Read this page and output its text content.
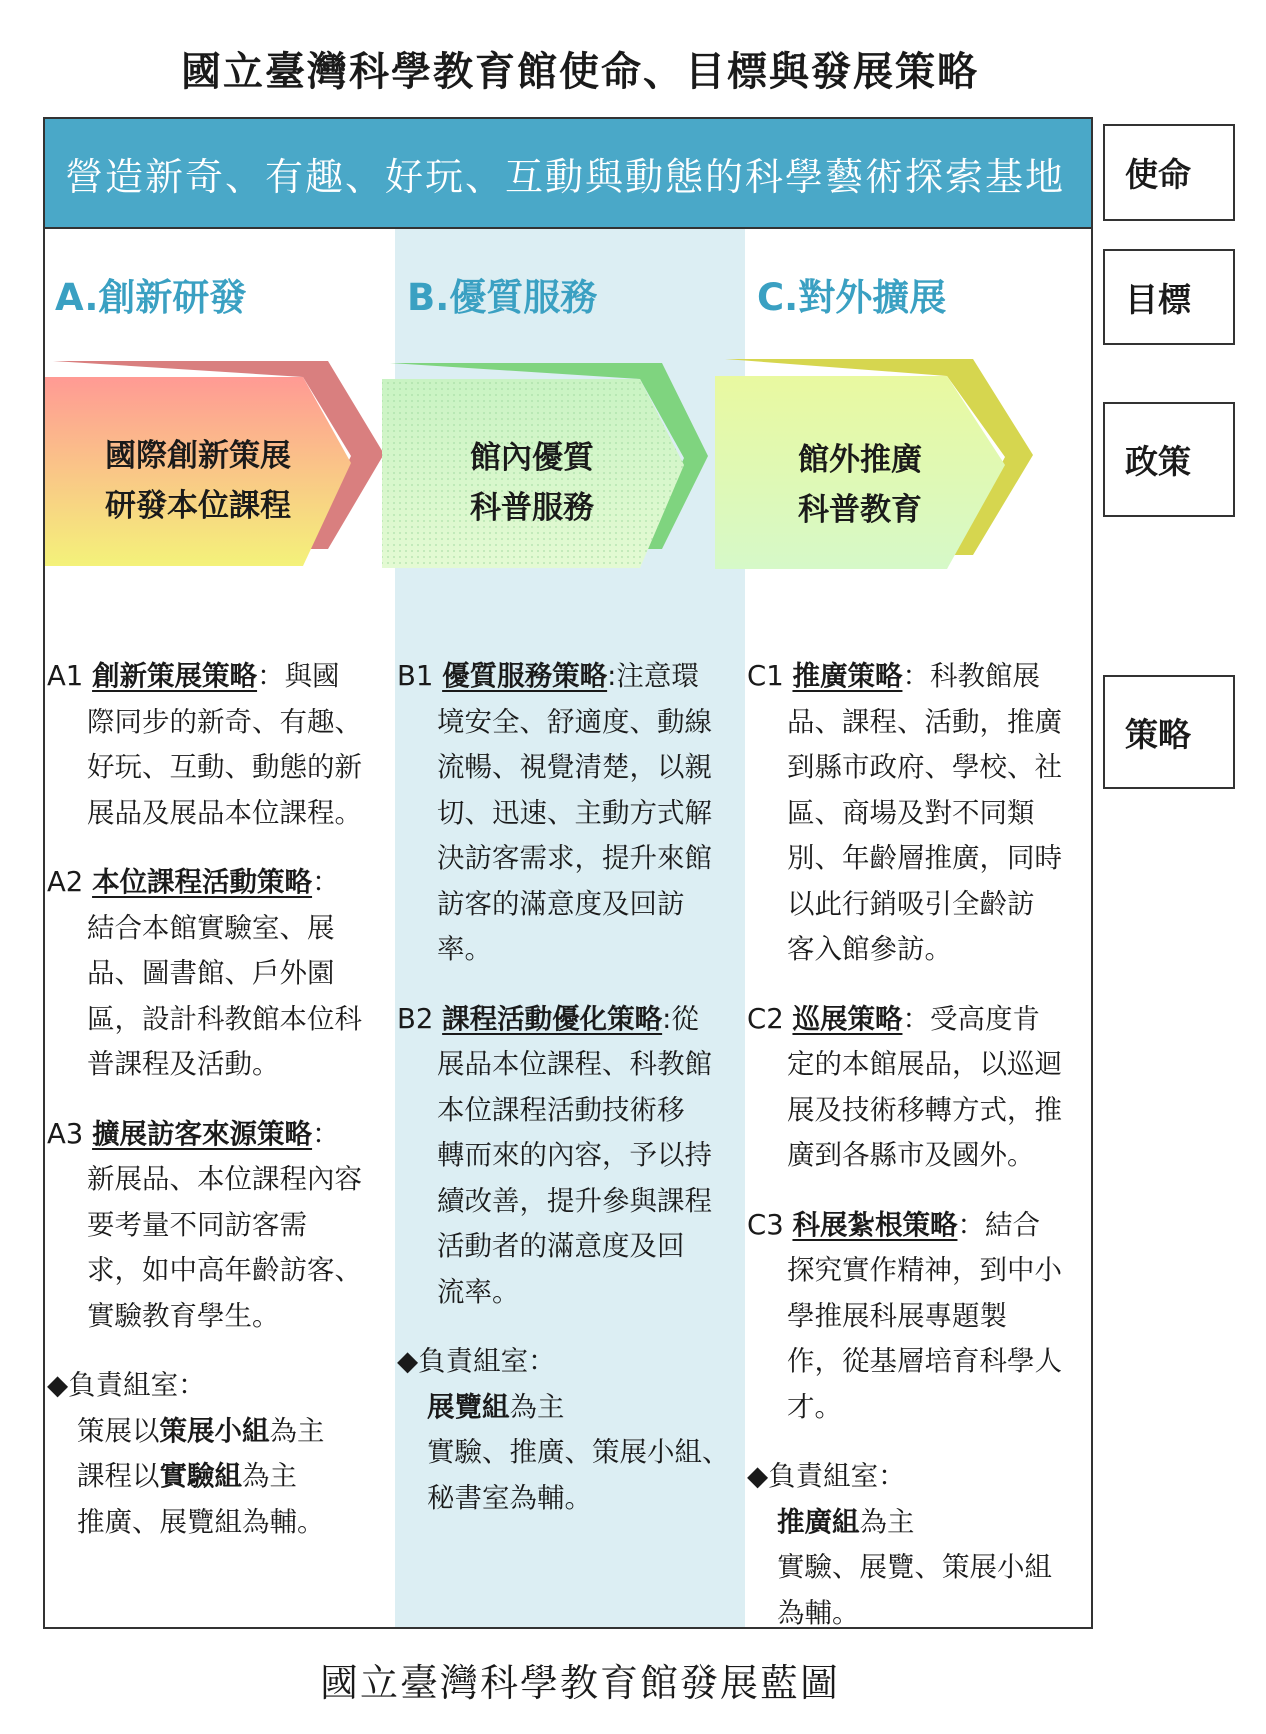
國立臺灣科學教育館使命、目標與發展策略
營造新奇、有趣、好玩、互動與動態的科學藝術探索基地
A.創新研發	B.優質服務	C.對外擴展
國際創新策展
研發本位課程
館內優質
科普服務
館外推廣
科普教育

A1 創新策展策略：與國

際同步的新奇、有趣、

好玩、互動、動態的新

展品及展品本位課程。

A2 本位課程活動策略：

結合本館實驗室、展

品、圖書館、戶外園

區，設計科教館本位科

普課程及活動。

A3 擴展訪客來源策略：

新展品、本位課程內容

要考量不同訪客需

求，如中高年齡訪客、

實驗教育學生。

◆負責組室：

策展以策展小組為主

課程以實驗組為主

推廣、展覽組為輔。

B1 優質服務策略:注意環

境安全、舒適度、動線

流暢、視覺清楚，以親

切、迅速、主動方式解

決訪客需求，提升來館

訪客的滿意度及回訪

率。

B2 課程活動優化策略:從

展品本位課程、科教館

本位課程活動技術移

轉而來的內容，予以持

續改善，提升參與課程

活動者的滿意度及回

流率。

◆負責組室：

展覽組為主

實驗、推廣、策展小組、

秘書室為輔。

C1 推廣策略：科教館展

品、課程、活動，推廣

到縣市政府、學校、社

區、商場及對不同類

別、年齡層推廣，同時

以此行銷吸引全齡訪

客入館參訪。

C2 巡展策略：受高度肯

定的本館展品，以巡迴

展及技術移轉方式，推

廣到各縣市及國外。

C3 科展紮根策略：結合

探究實作精神，到中小

學推展科展專題製

作，從基層培育科學人

才。

◆負責組室：

推廣組為主

實驗、展覽、策展小組

為輔。

使命
目標
政策
策略
國立臺灣科學教育館發展藍圖
